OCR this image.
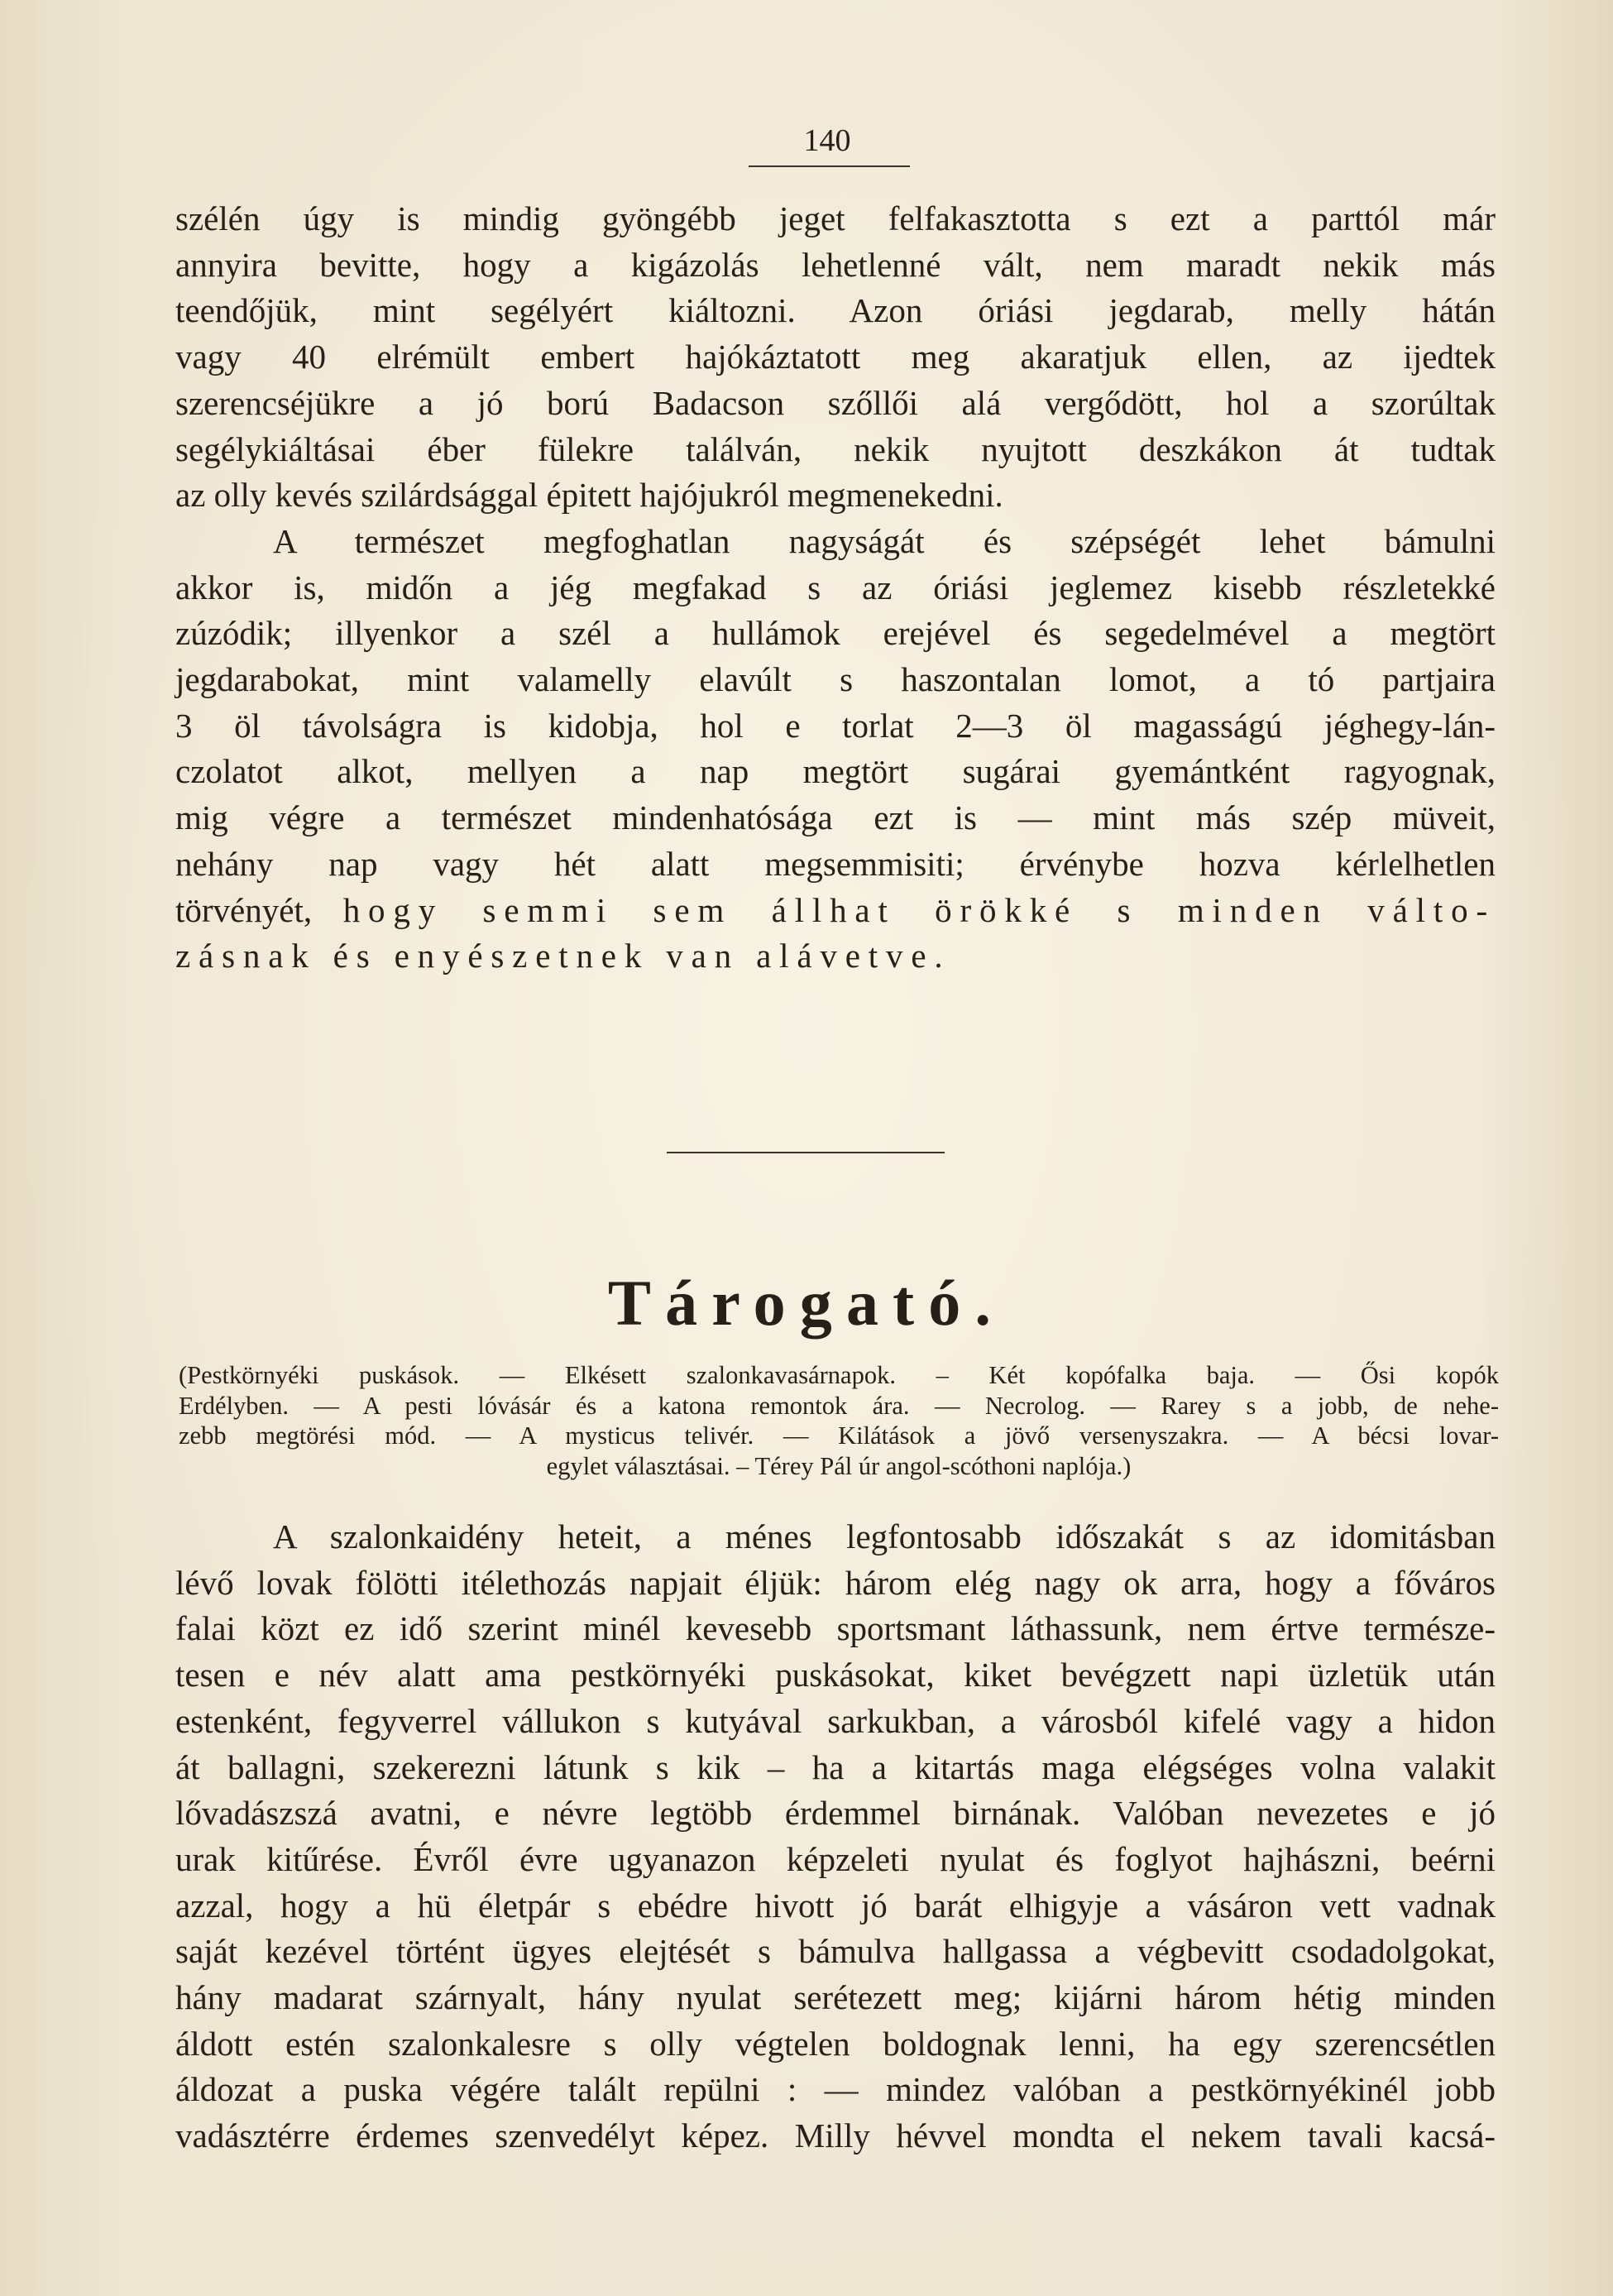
140

szélén úgy is mindig gyöngébb jeget felfakasztotta s ezt a parttól már

annyira bevitte, hogy a kigázolás lehetlenné vált, nem maradt nekik más

teendőjük, mint segélyért kiáltozni. Azon óriási jegdarab, melly hátán

vagy 40 elrémült embert hajókáztatott meg akaratjuk ellen, az ijedtek

szerencséjükre a jó ború Badacson szőllői alá vergődött, hol a szorúltak

segélykiáltásai éber fülekre találván, nekik nyujtott deszkákon át tudtak

az olly kevés szilárdsággal épitett hajójukról megmenekedni.

A természet megfoghatlan nagyságát és szépségét lehet bámulni

akkor is, midőn a jég megfakad s az óriási jeglemez kisebb részletekké

zúzódik; illyenkor a szél a hullámok erejével és segedelmével a megtört

jegdarabokat, mint valamelly elavúlt s haszontalan lomot, a tó partjaira

3 öl távolságra is kidobja, hol e torlat 2—3 öl magasságú jéghegy-lán-

czolatot alkot, mellyen a nap megtört sugárai gyemántként ragyognak,

mig végre a természet mindenhatósága ezt is — mint más szép müveit,

nehány nap vagy hét alatt megsemmisiti; érvénybe hozva kérlelhetlen

törvényét, hogy semmi sem állhat örökké s minden válto-

zásnak és enyészetnek van alávetve.

Tárogató.

(Pestkörnyéki puskások. — Elkésett szalonkavasárnapok. – Két kopófalka baja. — Ősi kopók

Erdélyben. — A pesti lóvásár és a katona remontok ára. — Necrolog. — Rarey s a jobb, de nehe-

zebb megtörési mód. — A mysticus telivér. — Kilátások a jövő versenyszakra. — A bécsi lovar-

egylet választásai. – Térey Pál úr angol-scóthoni naplója.)

A szalonkaidény heteit, a ménes legfontosabb időszakát s az idomitásban

lévő lovak fölötti itélethozás napjait éljük: három elég nagy ok arra, hogy a főváros

falai közt ez idő szerint minél kevesebb sportsmant láthassunk, nem értve természe-

tesen e név alatt ama pestkörnyéki puskásokat, kiket bevégzett napi üzletük után

estenként, fegyverrel vállukon s kutyával sarkukban, a városból kifelé vagy a hidon

át ballagni, szekerezni látunk s kik – ha a kitartás maga elégséges volna valakit

lővadászszá avatni, e névre legtöbb érdemmel birnának. Valóban nevezetes e jó

urak kitűrése. Évről évre ugyanazon képzeleti nyulat és foglyot hajhászni, beérni

azzal, hogy a hü életpár s ebédre hivott jó barát elhigyje a vásáron vett vadnak

saját kezével történt ügyes elejtését s bámulva hallgassa a végbevitt csodadolgokat,

hány madarat szárnyalt, hány nyulat serétezett meg; kijárni három hétig minden

áldott estén szalonkalesre s olly végtelen boldognak lenni, ha egy szerencsétlen

áldozat a puska végére talált repülni : — mindez valóban a pestkörnyékinél jobb

vadásztérre érdemes szenvedélyt képez. Milly hévvel mondta el nekem tavali kacsá-
